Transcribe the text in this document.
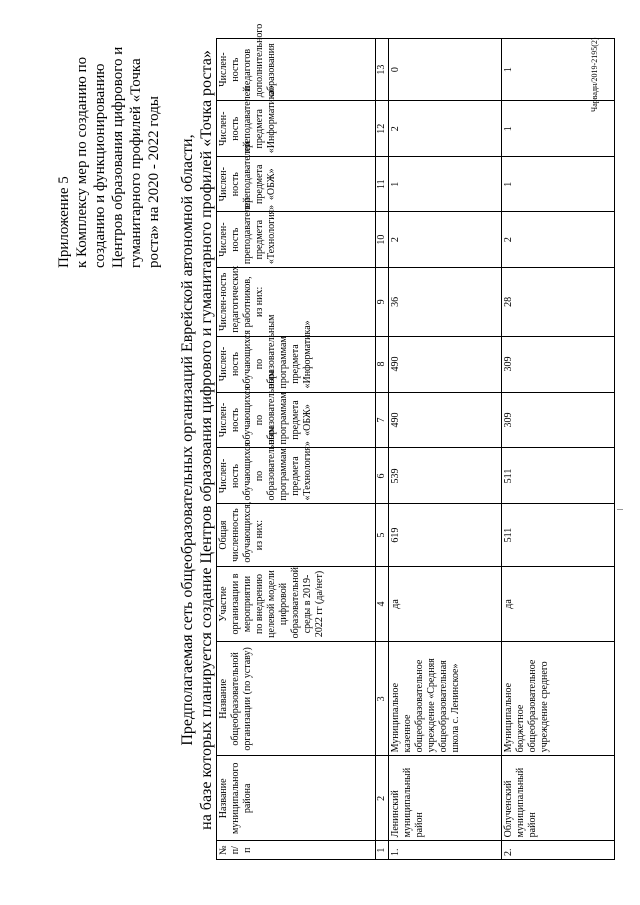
Приложение 5 к Комплексу мер по созданию по созданию и функционированию Центров образования цифрового и гуманитарного профилей «Точка роста» на 2020 - 2022 годы Предполагаемая сеть общеобразовательных организаций Еврейской автономной области, на базе которых планируется создание Центров образования цифрового и гуманитарного профилей «Точка роста»
№ п/ п	Название муниципального района	Название общеобразовательной организации (по уставу)	Участие организации в мероприятии по внедрению целевой модели цифровой образовательной среды в 2019-2022 гг (да/нет)	Общая численность обучающихся, из них:	Числен-ность обучающихся по образовательным программам предмета «Технология»	Числен-ность обучающихся по образовательным программам предмета «ОБЖ»	Числен-ность обучающихся по образовательным программам предмета «Информатика»	Числен-ность педагогических работников, из них:	Числен-ность преподавателей предмета «Технология»	Числен-ность преподавателей предмета «ОБЖ»	Числен-ность преподавателей предмета «Информатика»	Числен-ность педагогов дополнительного образования
1	2	3	4	5	6	7	8	9	10	11	12	13
1.	Ленинский муниципальный район	Муниципальное казенное общеобразовательное учреждение «Средняя общеобразовательная школа с. Ленинское»	да	619	539	490	490	36	2	1	2	0
2.	Облученский муниципальный район	Муниципальное бюджетное общеобразовательное учреждение среднего	да	511	511	309	309	28	2	1	1	1	Чарвадн/2019-2195(2)
